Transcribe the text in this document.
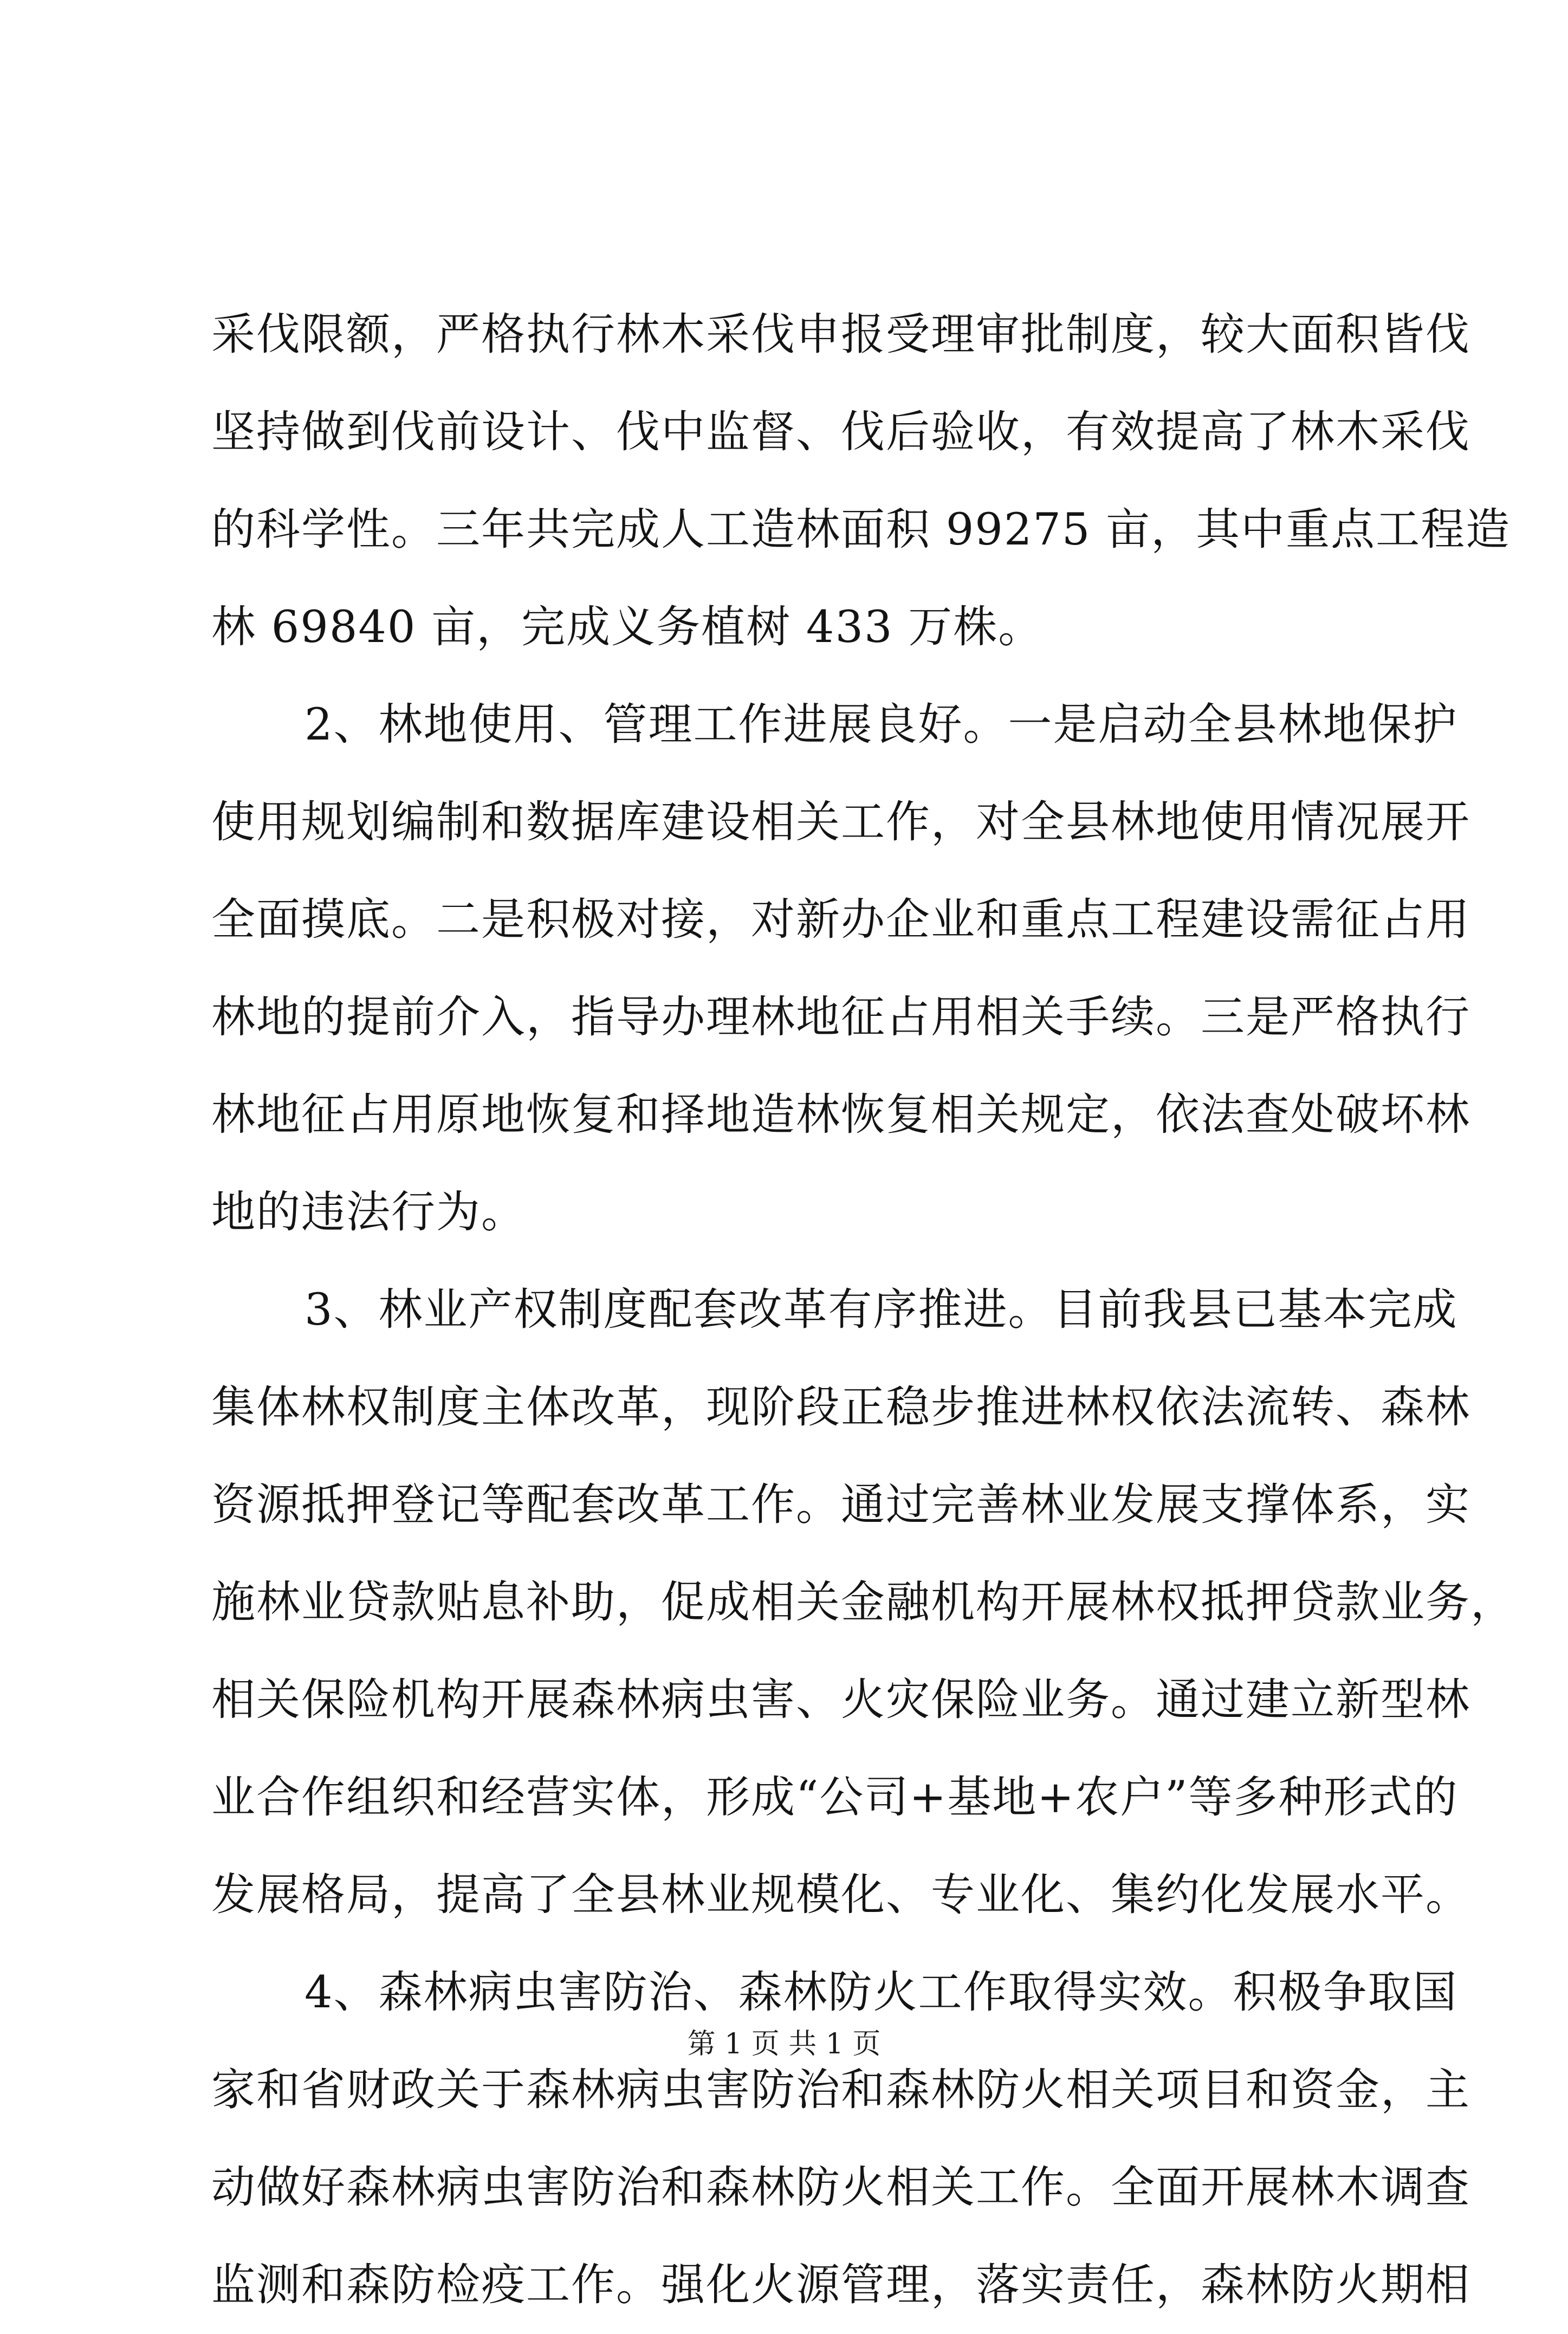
采伐限额，严格执行林木采伐申报受理审批制度，较大面积皆伐
坚持做到伐前设计、伐中监督、伐后验收，有效提高了林木采伐
的科学性。三年共完成人工造林面积 99275 亩，其中重点工程造
林 69840 亩，完成义务植树 433 万株。
2、林地使用、管理工作进展良好。一是启动全县林地保护
使用规划编制和数据库建设相关工作，对全县林地使用情况展开
全面摸底。二是积极对接，对新办企业和重点工程建设需征占用
林地的提前介入，指导办理林地征占用相关手续。三是严格执行
林地征占用原地恢复和择地造林恢复相关规定，依法查处破坏林
地的违法行为。
3、林业产权制度配套改革有序推进。目前我县已基本完成
集体林权制度主体改革，现阶段正稳步推进林权依法流转、森林
资源抵押登记等配套改革工作。通过完善林业发展支撑体系，实
施林业贷款贴息补助，促成相关金融机构开展林权抵押贷款业务，
相关保险机构开展森林病虫害、火灾保险业务。通过建立新型林
业合作组织和经营实体，形成“公司+基地+农户”等多种形式的
发展格局，提高了全县林业规模化、专业化、集约化发展水平。
4、森林病虫害防治、森林防火工作取得实效。积极争取国
家和省财政关于森林病虫害防治和森林防火相关项目和资金，主
动做好森林病虫害防治和森林防火相关工作。全面开展林木调查
监测和森防检疫工作。强化火源管理，落实责任，森林防火期相
第 1 页 共 1 页
